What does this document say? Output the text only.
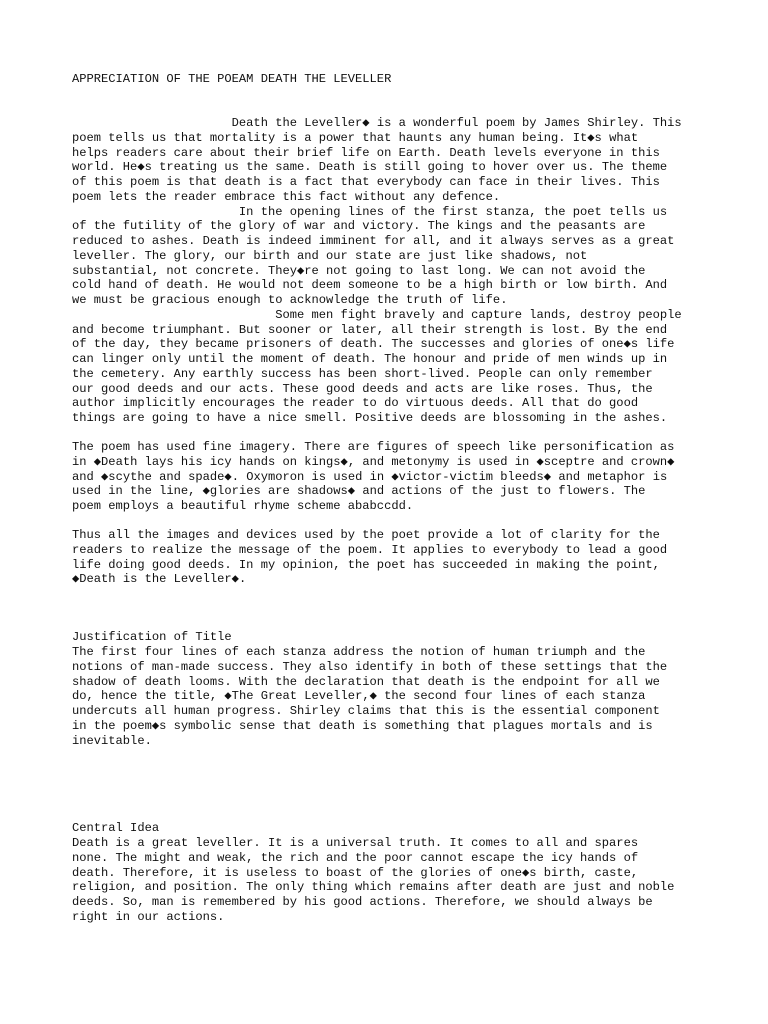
APPRECIATION OF THE POEAM DEATH THE LEVELLER

Death the Leveller◆ is a wonderful poem by James Shirley. This
poem tells us that mortality is a power that haunts any human being. It◆s what
helps readers care about their brief life on Earth. Death levels everyone in this
world. He◆s treating us the same. Death is still going to hover over us. The theme
of this poem is that death is a fact that everybody can face in their lives. This
poem lets the reader embrace this fact without any defence.
In the opening lines of the first stanza, the poet tells us
of the futility of the glory of war and victory. The kings and the peasants are
reduced to ashes. Death is indeed imminent for all, and it always serves as a great
leveller. The glory, our birth and our state are just like shadows, not
substantial, not concrete. They◆re not going to last long. We can not avoid the
cold hand of death. He would not deem someone to be a high birth or low birth. And
we must be gracious enough to acknowledge the truth of life.
Some men fight bravely and capture lands, destroy people
and become triumphant. But sooner or later, all their strength is lost. By the end
of the day, they became prisoners of death. The successes and glories of one◆s life
can linger only until the moment of death. The honour and pride of men winds up in
the cemetery. Any earthly success has been short-lived. People can only remember
our good deeds and our acts. These good deeds and acts are like roses. Thus, the
author implicitly encourages the reader to do virtuous deeds. All that do good
things are going to have a nice smell. Positive deeds are blossoming in the ashes.

The poem has used fine imagery. There are figures of speech like personification as
in ◆Death lays his icy hands on kings◆, and metonymy is used in ◆sceptre and crown◆
and ◆scythe and spade◆. Oxymoron is used in ◆victor-victim bleeds◆ and metaphor is
used in the line, ◆glories are shadows◆ and actions of the just to flowers. The
poem employs a beautiful rhyme scheme ababccdd.

Thus all the images and devices used by the poet provide a lot of clarity for the
readers to realize the message of the poem. It applies to everybody to lead a good
life doing good deeds. In my opinion, the poet has succeeded in making the point,
◆Death is the Leveller◆.

Justification of Title

The first four lines of each stanza address the notion of human triumph and the
notions of man-made success. They also identify in both of these settings that the
shadow of death looms. With the declaration that death is the endpoint for all we
do, hence the title, ◆The Great Leveller,◆ the second four lines of each stanza
undercuts all human progress. Shirley claims that this is the essential component
in the poem◆s symbolic sense that death is something that plagues mortals and is
inevitable.

Central Idea

Death is a great leveller. It is a universal truth. It comes to all and spares
none. The might and weak, the rich and the poor cannot escape the icy hands of
death. Therefore, it is useless to boast of the glories of one◆s birth, caste,
religion, and position. The only thing which remains after death are just and noble
deeds. So, man is remembered by his good actions. Therefore, we should always be
right in our actions.
